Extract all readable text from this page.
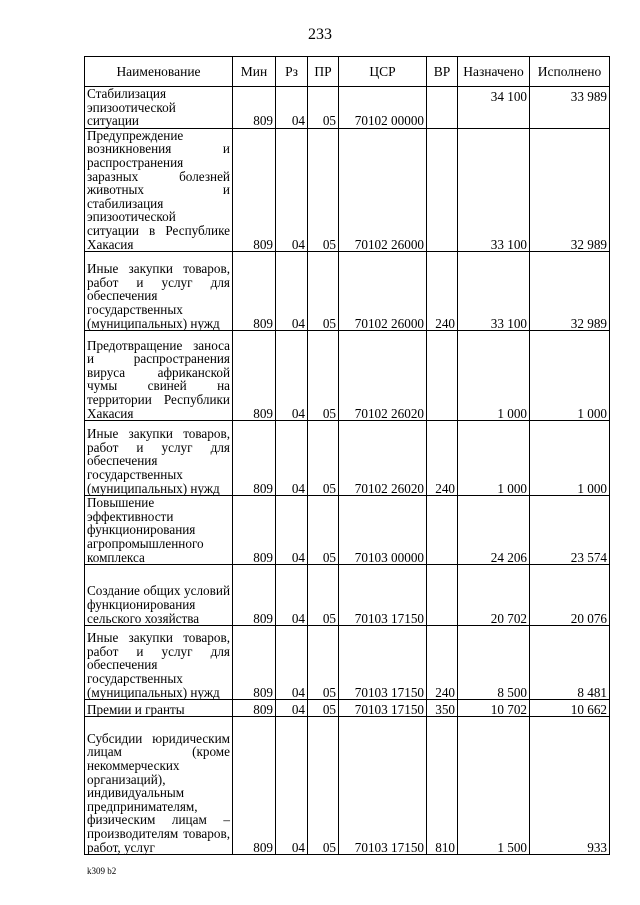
233
Наименование	Мин	Рз	ПР	ЦСР	ВР	Назначено	Исполнено
Стабилизация эпизоотической ситуации	809	04	05	70102 00000		34 100	33 989
Предупреждение возникновения и распространения заразных болезней животных и стабилизация эпизоотической ситуации в Республике Хакасия	809	04	05	70102 26000		33 100	32 989
Иные закупки товаров, работ и услуг для обеспечения государственных (муниципальных) нужд	809	04	05	70102 26000	240	33 100	32 989
Предотвращение заноса и распространения вируса африканской чумы свиней на территории Республики Хакасия	809	04	05	70102 26020		1 000	1 000
Иные закупки товаров, работ и услуг для обеспечения государственных (муниципальных) нужд	809	04	05	70102 26020	240	1 000	1 000
Повышение эффективности функционирования агропромышленного комплекса	809	04	05	70103 00000		24 206	23 574
Создание общих условий функционирования сельского хозяйства	809	04	05	70103 17150		20 702	20 076
Иные закупки товаров, работ и услуг для обеспечения государственных (муниципальных) нужд	809	04	05	70103 17150	240	8 500	8 481
Премии и гранты	809	04	05	70103 17150	350	10 702	10 662
Субсидии юридическим лицам (кроме некоммерческих организаций), индивидуальным предпринимателям, физическим лицам – производителям товаров, работ, услуг	809	04	05	70103 17150	810	1 500	933
k309 b2
